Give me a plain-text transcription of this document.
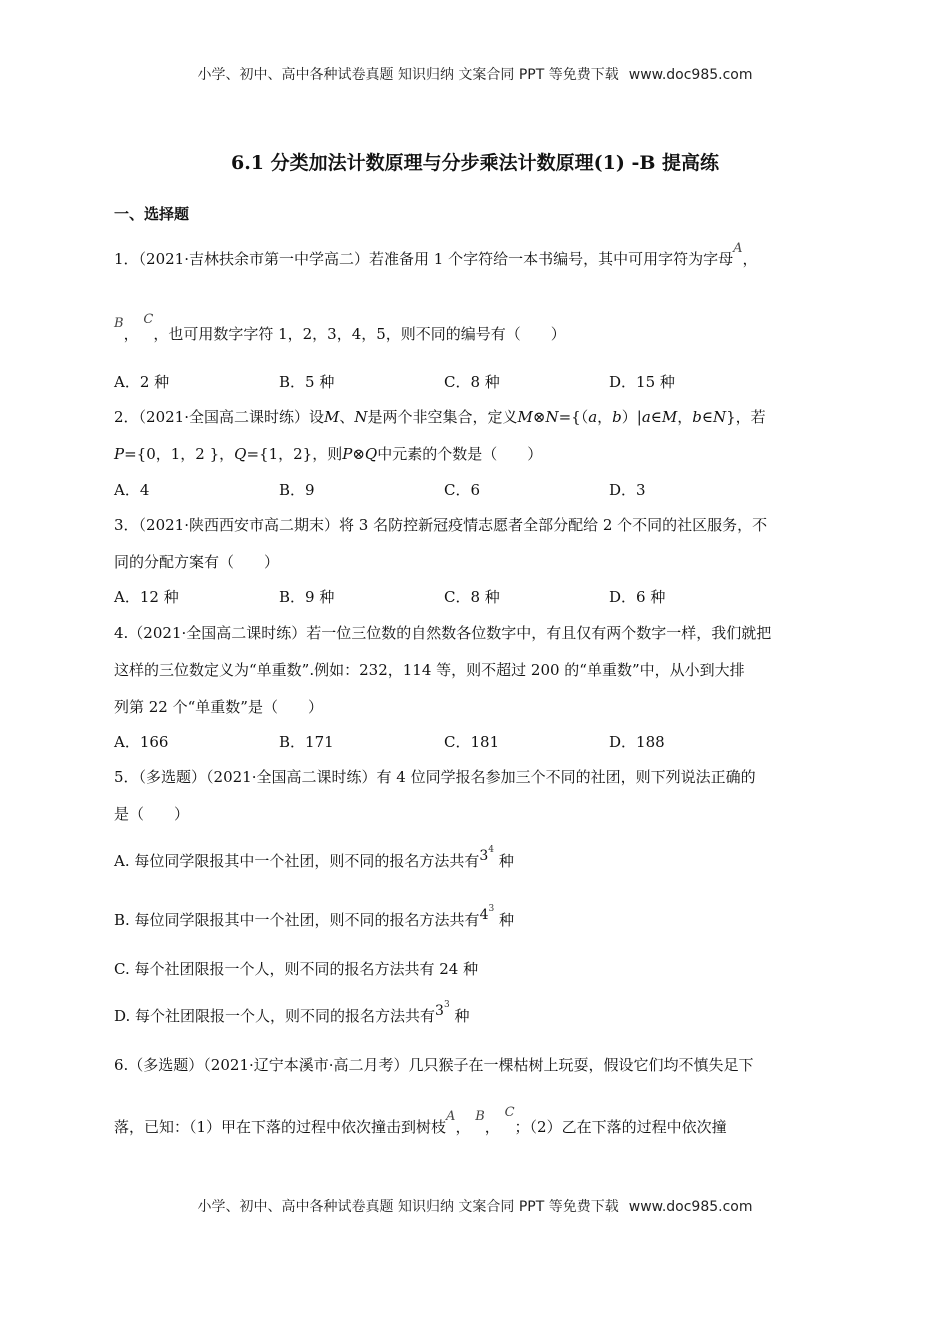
小学、初中、高中各种试卷真题 知识归纳 文案合同 PPT 等免费下载 www.doc985.com
6.1 分类加法计数原理与分步乘法计数原理(1) -B 提高练
一、选择题
1．（2021·吉林扶余市第一中学高二）若准备用 1 个字符给一本书编号，其中可用字符为字母A，
B， C，也可用数字字符 1，2，3，4，5，则不同的编号有（　　）
A．2 种	B．5 种	C．8 种	D．15 种
2．（2021·全国高二课时练）设M、N是两个非空集合，定义M⊗N={（a，b）|a∈M，b∈N}，若
P={0，1，2 }，Q={1，2}，则P⊗Q中元素的个数是（　　）
A．4	B．9	C．6	D．3
3．（2021·陕西西安市高二期末）将 3 名防控新冠疫情志愿者全部分配给 2 个不同的社区服务，不
同的分配方案有（　　）
A．12 种	B．9 种	C．8 种	D．6 种
4.（2021·全国高二课时练）若一位三位数的自然数各位数字中，有且仅有两个数字一样，我们就把
这样的三位数定义为“单重数”.例如：232，114 等，则不超过 200 的“单重数”中，从小到大排
列第 22 个“单重数”是（　　）
A．166	B．171	C．181	D．188
5．（多选题）（2021·全国高二课时练）有 4 位同学报名参加三个不同的社团，则下列说法正确的
是（　　）
A. 每位同学限报其中一个社团，则不同的报名方法共有$3^4$ 种
B. 每位同学限报其中一个社团，则不同的报名方法共有$4^3$ 种
C. 每个社团限报一个人，则不同的报名方法共有 24 种
D. 每个社团限报一个人，则不同的报名方法共有$3^3$ 种
6.（多选题）（2021·辽宁本溪市·高二月考）几只猴子在一棵枯树上玩耍，假设它们均不慎失足下
落，已知：（1）甲在下落的过程中依次撞击到树枝A， B， C；（2）乙在下落的过程中依次撞
小学、初中、高中各种试卷真题 知识归纳 文案合同 PPT 等免费下载 www.doc985.com
